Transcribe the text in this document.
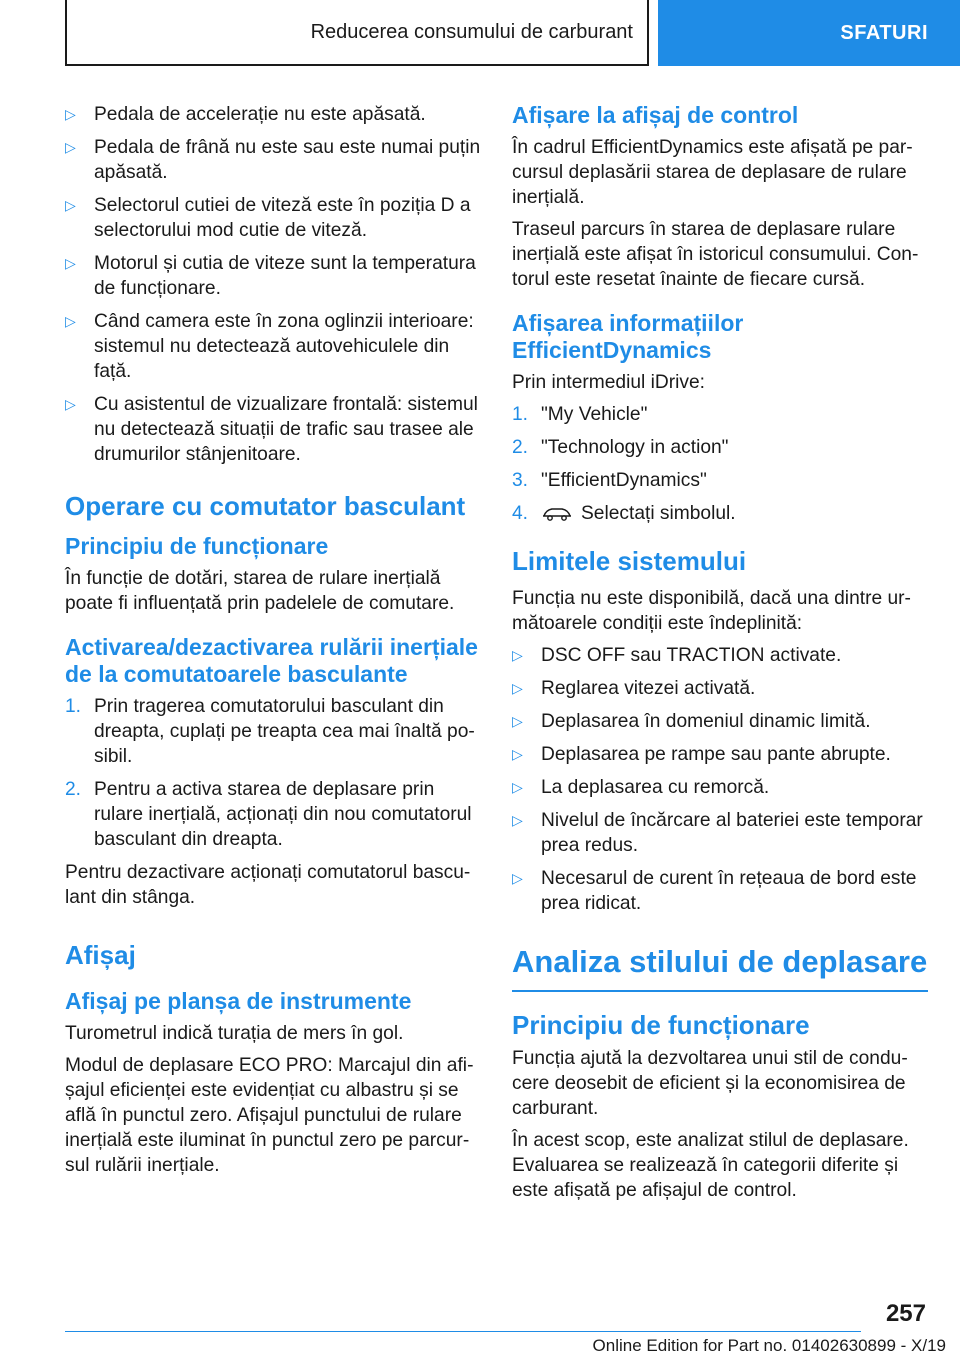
Reducerea consumului de carburant	SFATURI
▷ Pedala de accelerație nu este apăsată.
▷ Pedala de frână nu este sau este numai puțin apăsată.
▷ Selectorul cutiei de viteză este în poziția D a selectorului mod cutie de viteză.
▷ Motorul și cutia de viteze sunt la temperatura de funcționare.
▷ Când camera este în zona oglinzii interioare: sistemul nu detectează autovehiculele din față.
▷ Cu asistentul de vizualizare frontală: sistemul nu detectează situații de trafic sau trasee ale drumurilor stânjenitoare.
Operare cu comutator basculant
Principiu de funcționare

În funcție de dotări, starea de rulare inerțială poate fi influențată prin padelele de comutare.

Activarea/dezactivarea rulării inerțiale de la comutatoarele basculante
1. Prin tragerea comutatorului basculant din dreapta, cuplați pe treapta cea mai înaltă posibil.
2. Pentru a activa starea de deplasare prin rulare inerțială, acționați din nou comutatorul basculant din dreapta.

Pentru dezactivare acționați comutatorul basculant din stânga.

Afișaj
Afișaj pe planșa de instrumente

Turometrul indică turația de mers în gol.

Modul de deplasare ECO PRO: Marcajul din afișajul eficienței este evidențiat cu albastru și se află în punctul zero. Afișajul punctului de rulare inerțială este iluminat în punctul zero pe parcursul rulării inerțiale.

Afișare la afișaj de control

În cadrul EfficientDynamics este afișată pe parcursul deplasării starea de deplasare de rulare inerțială.

Traseul parcurs în starea de deplasare rulare inerțială este afișat în istoricul consumului. Contorul este resetat înainte de fiecare cursă.

Afișarea informațiilor EfficientDynamics

Prin intermediul iDrive:

1. "My Vehicle"
2. "Technology in action"
3. "EfficientDynamics"
4.	Selectați simbolul.
Limitele sistemului

Funcția nu este disponibilă, dacă una dintre următoarele condiții este îndeplinită:

▷ DSC OFF sau TRACTION activate.
▷ Reglarea vitezei activată.
▷ Deplasarea în domeniul dinamic limită.
▷ Deplasarea pe rampe sau pante abrupte.
▷ La deplasarea cu remorcă.
▷ Nivelul de încărcare al bateriei este temporar prea redus.
▷ Necesarul de curent în rețeaua de bord este prea ridicat.
Analiza stilului de deplasare
Principiu de funcționare

Funcția ajută la dezvoltarea unui stil de conducere deosebit de eficient și la economisirea de carburant.

În acest scop, este analizat stilul de deplasare. Evaluarea se realizează în categorii diferite și este afișată pe afișajul de control.

257
Online Edition for Part no. 01402630899 - X/19
